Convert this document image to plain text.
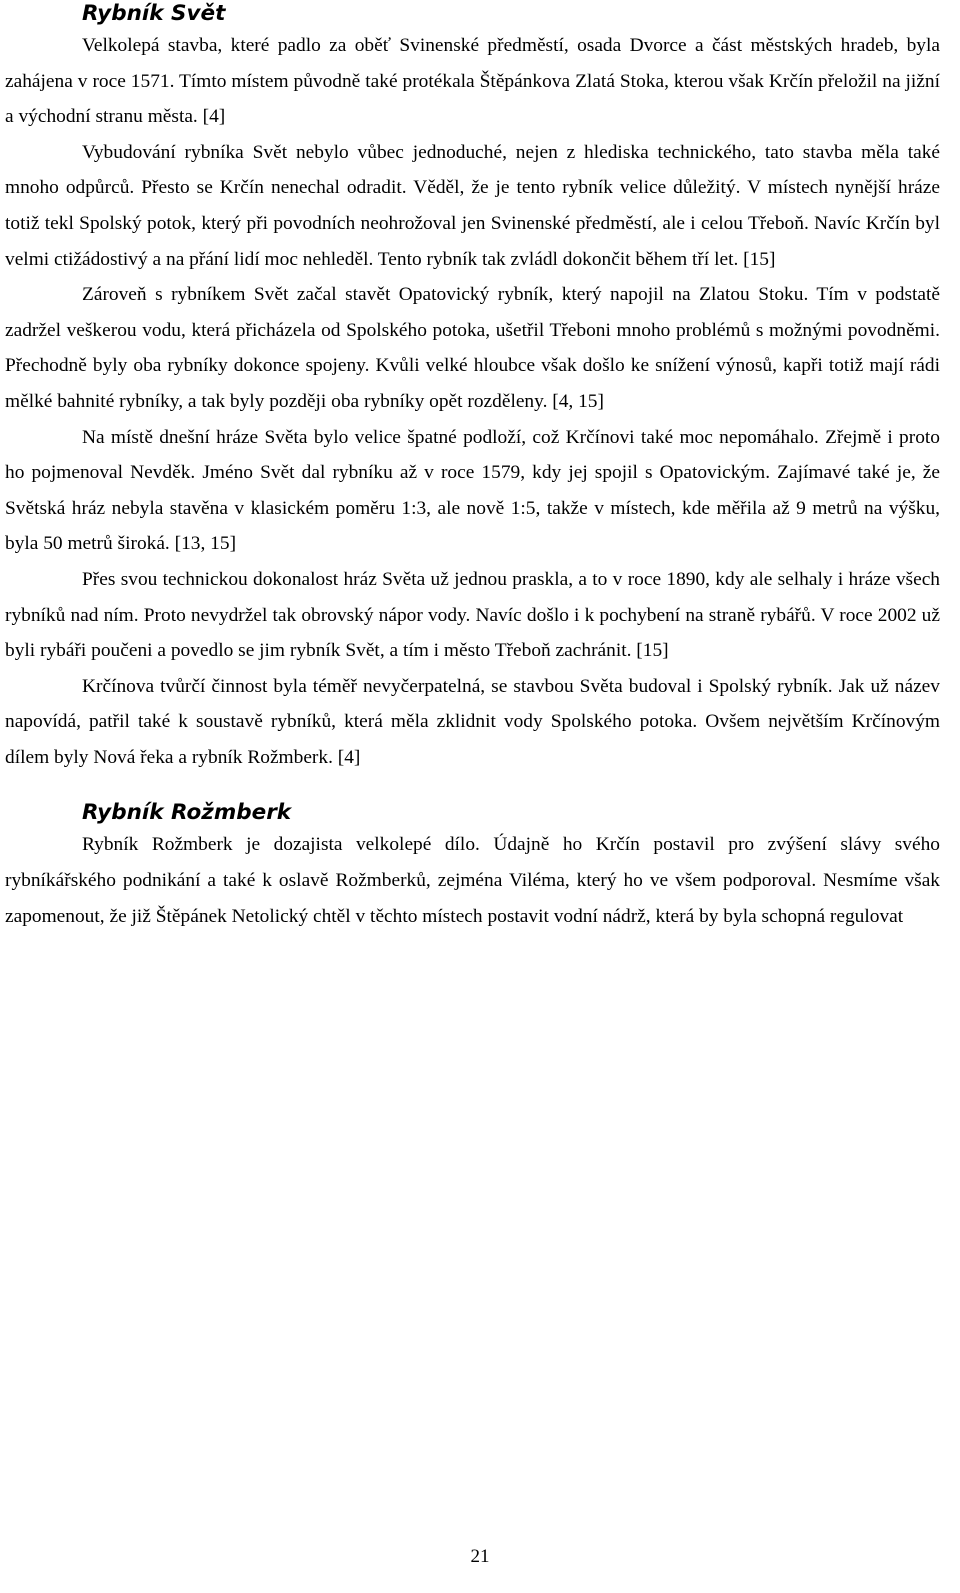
Rybník Svět

Velkolepá stavba, které padlo za oběť Svinenské předměstí, osada Dvorce a část městských hradeb, byla zahájena v roce 1571. Tímto místem původně také protékala Štěpánkova Zlatá Stoka, kterou však Krčín přeložil na jižní a východní stranu města. [4]

Vybudování rybníka Svět nebylo vůbec jednoduché, nejen z hlediska technického, tato stavba měla také mnoho odpůrců. Přesto se Krčín nenechal odradit. Věděl, že je tento rybník velice důležitý. V místech nynější hráze totiž tekl Spolský potok, který při povodních neohrožoval jen Svinenské předměstí, ale i celou Třeboň. Navíc Krčín byl velmi ctižádostivý a na přání lidí moc nehleděl. Tento rybník tak zvládl dokončit během tří let. [15]

Zároveň s rybníkem Svět začal stavět Opatovický rybník, který napojil na Zlatou Stoku. Tím v podstatě zadržel veškerou vodu, která přicházela od Spolského potoka, ušetřil Třeboni mnoho problémů s možnými povodněmi. Přechodně byly oba rybníky dokonce spojeny. Kvůli velké hloubce však došlo ke snížení výnosů, kapři totiž mají rádi mělké bahnité rybníky, a tak byly později oba rybníky opět rozděleny. [4, 15]

Na místě dnešní hráze Světa bylo velice špatné podloží, což Krčínovi také moc nepomáhalo. Zřejmě i proto ho pojmenoval Nevděk. Jméno Svět dal rybníku až v roce 1579, kdy jej spojil s Opatovickým. Zajímavé také je, že Světská hráz nebyla stavěna v klasickém poměru 1:3, ale nově 1:5, takže v místech, kde měřila až 9 metrů na výšku, byla 50 metrů široká. [13, 15]

Přes svou technickou dokonalost hráz Světa už jednou praskla, a to v roce 1890, kdy ale selhaly i hráze všech rybníků nad ním. Proto nevydržel tak obrovský nápor vody. Navíc došlo i k pochybení na straně rybářů. V roce 2002 už byli rybáři poučeni a povedlo se jim rybník Svět, a tím i město Třeboň zachránit. [15]

Krčínova tvůrčí činnost byla téměř nevyčerpatelná, se stavbou Světa budoval i Spolský rybník. Jak už název napovídá, patřil také k soustavě rybníků, která měla zklidnit vody Spolského potoka. Ovšem největším Krčínovým dílem byly Nová řeka a rybník Rožmberk. [4]

Rybník Rožmberk

Rybník Rožmberk je dozajista velkolepé dílo. Údajně ho Krčín postavil pro zvýšení slávy svého rybníkářského podnikání a také k oslavě Rožmberků, zejména Viléma, který ho ve všem podporoval. Nesmíme však zapomenout, že již Štěpánek Netolický chtěl v těchto místech postavit vodní nádrž, která by byla schopná regulovat

21
